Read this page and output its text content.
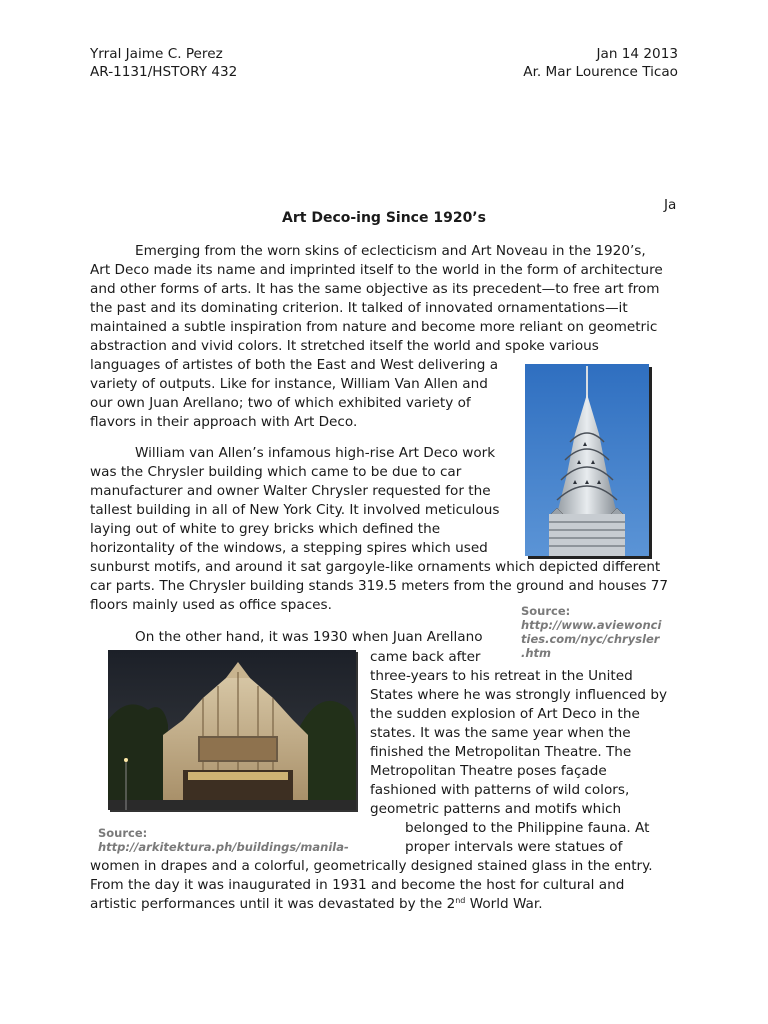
Yrral Jaime C. Perez
AR-1131/HSTORY 432
Jan 14 2013
Ar. Mar Lourence Ticao
Ja
Art Deco-ing Since 1920’s
Emerging from the worn skins of eclecticism and Art Noveau in the 1920’s,
Art Deco made its name and imprinted itself to the world in the form of architecture
and other forms of arts. It has the same objective as its precedent—to free art from
the past and its dominating criterion. It talked of innovated ornamentations—it
maintained a subtle inspiration from nature and become more reliant on geometric
abstraction and vivid colors. It stretched itself the world and spoke various
languages of artistes of both the East and West delivering a
variety of outputs. Like for instance, William Van Allen and
our own Juan Arellano; two of which exhibited variety of
flavors in their approach with Art Deco.
William van Allen’s infamous high-rise Art Deco work
was the Chrysler building which came to be due to car
manufacturer and owner Walter Chrysler requested for the
tallest building in all of New York City. It involved meticulous
laying out of white to grey bricks which defined the
horizontality of the windows, a stepping spires which used
sunburst motifs, and around it sat gargoyle-like ornaments which depicted different
car parts. The Chrysler building stands 319.5 meters from the ground and houses 77
floors mainly used as office spaces.
On the other hand, it was 1930 when Juan Arellano
came back after
three-years to his retreat in the United
States where he was strongly influenced by
the sudden explosion of Art Deco in the
states. It was the same year when the
finished the Metropolitan Theatre. The
Metropolitan Theatre poses façade
fashioned with patterns of wild colors,
geometric patterns and motifs which
belonged to the Philippine fauna. At
proper intervals were statues of
women in drapes and a colorful, geometrically designed stained glass in the entry.
From the day it was inaugurated in 1931 and become the host for cultural and
artistic performances until it was devastated by the 2nd World War.
Source:
http://www.aviewonci
ties.com/nyc/chrysler
.htm
Source:
http://arkitektura.ph/buildings/manila-
